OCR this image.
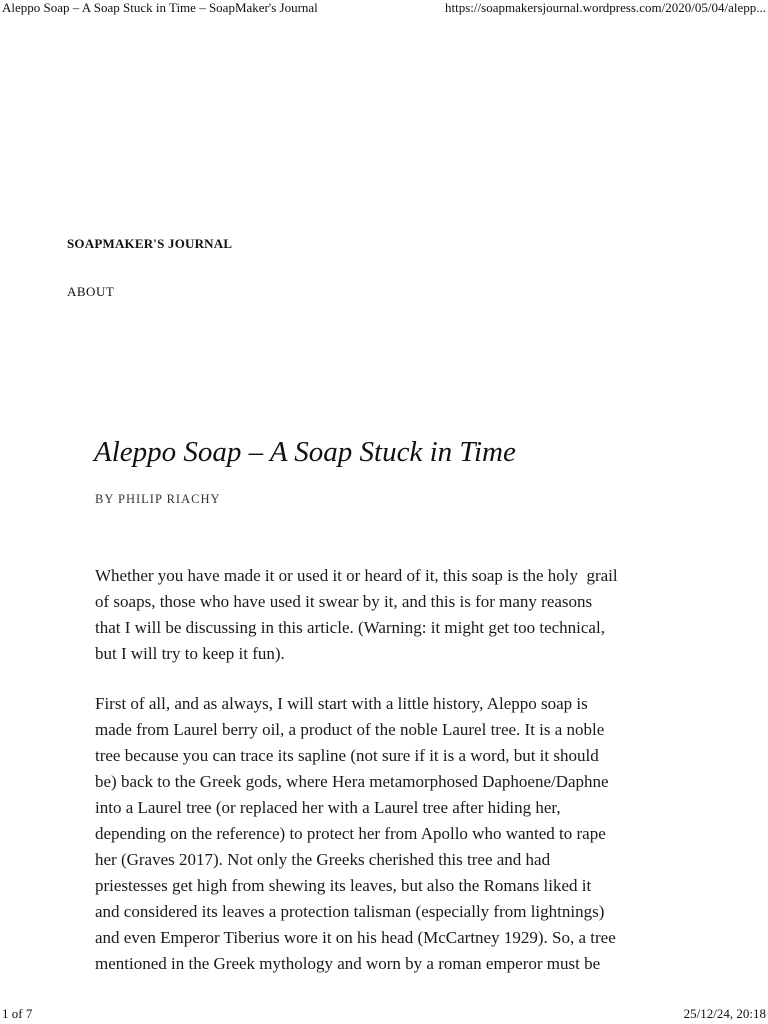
Aleppo Soap – A Soap Stuck in Time – SoapMaker's Journal	https://soapmakersjournal.wordpress.com/2020/05/04/alepp...
SOAPMAKER'S JOURNAL
ABOUT
Aleppo Soap – A Soap Stuck in Time
BY PHILIP RIACHY

Whether you have made it or used it or heard of it, this soap is the holy  grail
of soaps, those who have used it swear by it, and this is for many reasons
that I will be discussing in this article. (Warning: it might get too technical,
but I will try to keep it fun).

First of all, and as always, I will start with a little history, Aleppo soap is
made from Laurel berry oil, a product of the noble Laurel tree. It is a noble
tree because you can trace its sapline (not sure if it is a word, but it should
be) back to the Greek gods, where Hera metamorphosed Daphoene/Daphne
into a Laurel tree (or replaced her with a Laurel tree after hiding her,
depending on the reference) to protect her from Apollo who wanted to rape
her (Graves 2017). Not only the Greeks cherished this tree and had
priestesses get high from shewing its leaves, but also the Romans liked it
and considered its leaves a protection talisman (especially from lightnings)
and even Emperor Tiberius wore it on his head (McCartney 1929). So, a tree
mentioned in the Greek mythology and worn by a roman emperor must be

1 of 7	25/12/24, 20:18
